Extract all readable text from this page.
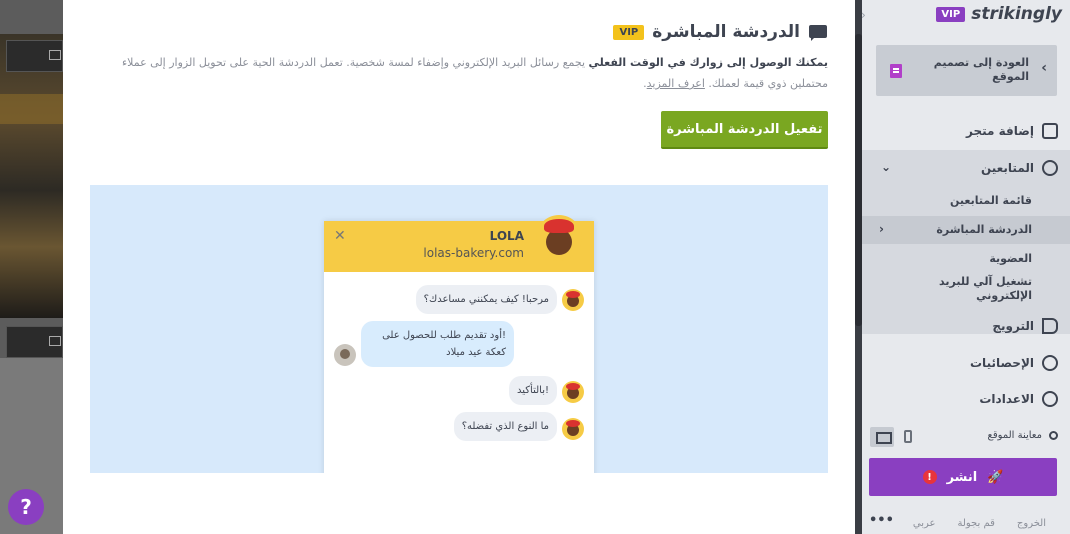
?
الدردشة المباشرة
VIP
يمكنك الوصول إلى زوارك في الوقت الفعلي يجمع رسائل البريد الإلكتروني وإضفاء لمسة شخصية. تعمل الدردشة الحية على تحويل الزوار إلى عملاء محتملين ذوي قيمة لعملك. اعرف المزيد.
تفعيل الدردشة المباشرة
✕	LOLA
lolas-bakery.com
مرحبا! كيف يمكنني مساعدك؟
!أود تقديم طلب للحصول على كعكة عيد ميلاد
!بالتأكيد
ما النوع الذي تفضله؟
›	VIP strikingly
‹
العودة إلى تصميم الموقع
إضافة متجر
المتابعين
⌄
قائمة المتابعين
الدردشة المباشرة
›
العضوية
تشغيل آلي للبريد الإلكتروني
الترويج
الإحصائيات
الاعدادات
معاينة الموقع
!	انشر 🚀
•••	الخروج
قم بجولة
عربي
